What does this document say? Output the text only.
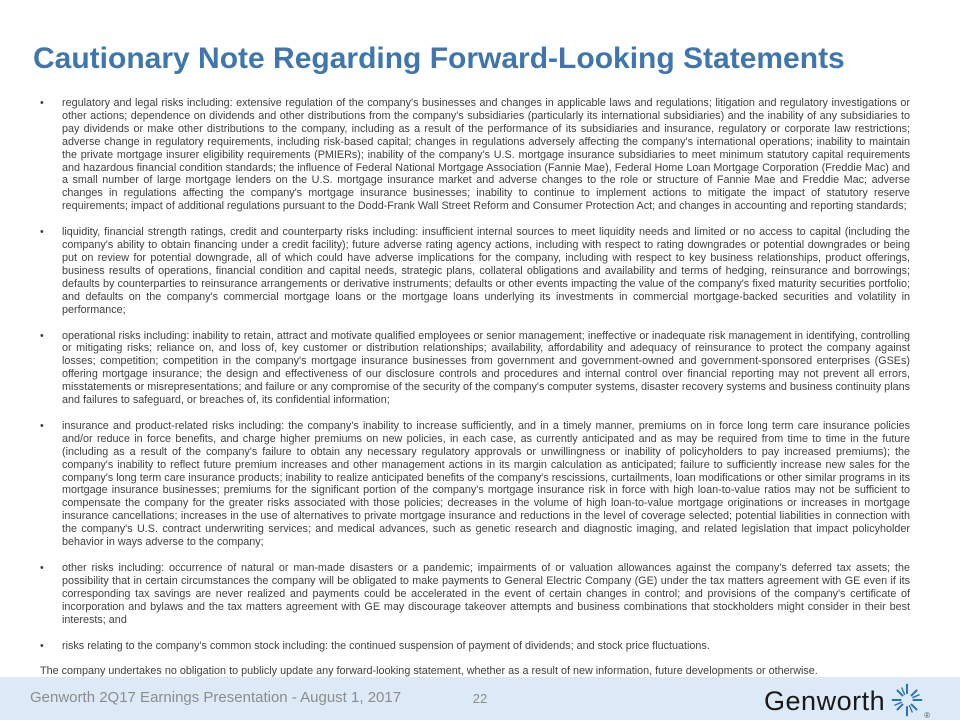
Cautionary Note Regarding Forward-Looking Statements
•	regulatory and legal risks including: extensive regulation of the company's businesses and changes in applicable laws and regulations; litigation and regulatory investigations or other actions; dependence on dividends and other distributions from the company's subsidiaries (particularly its international subsidiaries) and the inability of any subsidiaries to pay dividends or make other distributions to the company, including as a result of the performance of its subsidiaries and insurance, regulatory or corporate law restrictions; adverse change in regulatory requirements, including risk-based capital; changes in regulations adversely affecting the company's international operations; inability to maintain the private mortgage insurer eligibility requirements (PMIERs); inability of the company's U.S. mortgage insurance subsidiaries to meet minimum statutory capital requirements and hazardous financial condition standards; the influence of Federal National Mortgage Association (Fannie Mae), Federal Home Loan Mortgage Corporation (Freddie Mac) and a small number of large mortgage lenders on the U.S. mortgage insurance market and adverse changes to the role or structure of Fannie Mae and Freddie Mac; adverse changes in regulations affecting the company's mortgage insurance businesses; inability to continue to implement actions to mitigate the impact of statutory reserve requirements; impact of additional regulations pursuant to the Dodd-Frank Wall Street Reform and Consumer Protection Act; and changes in accounting and reporting standards;

•	liquidity, financial strength ratings, credit and counterparty risks including: insufficient internal sources to meet liquidity needs and limited or no access to capital (including the company's ability to obtain financing under a credit facility); future adverse rating agency actions, including with respect to rating downgrades or potential downgrades or being put on review for potential downgrade, all of which could have adverse implications for the company, including with respect to key business relationships, product offerings, business results of operations, financial condition and capital needs, strategic plans, collateral obligations and availability and terms of hedging, reinsurance and borrowings; defaults by counterparties to reinsurance arrangements or derivative instruments; defaults or other events impacting the value of the company's fixed maturity securities portfolio; and defaults on the company's commercial mortgage loans or the mortgage loans underlying its investments in commercial mortgage-backed securities and volatility in performance;

•	operational risks including: inability to retain, attract and motivate qualified employees or senior management; ineffective or inadequate risk management in identifying, controlling or mitigating risks; reliance on, and loss of, key customer or distribution relationships; availability, affordability and adequacy of reinsurance to protect the company against losses; competition; competition in the company's mortgage insurance businesses from government and government-owned and government-sponsored enterprises (GSEs) offering mortgage insurance; the design and effectiveness of our disclosure controls and procedures and internal control over financial reporting may not prevent all errors, misstatements or misrepresentations; and failure or any compromise of the security of the company's computer systems, disaster recovery systems and business continuity plans and failures to safeguard, or breaches of, its confidential information;

•	insurance and product-related risks including: the company's inability to increase sufficiently, and in a timely manner, premiums on in force long term care insurance policies and/or reduce in force benefits, and charge higher premiums on new policies, in each case, as currently anticipated and as may be required from time to time in the future (including as a result of the company's failure to obtain any necessary regulatory approvals or unwillingness or inability of policyholders to pay increased premiums); the company's inability to reflect future premium increases and other management actions in its margin calculation as anticipated; failure to sufficiently increase new sales for the company's long term care insurance products; inability to realize anticipated benefits of the company's rescissions, curtailments, loan modifications or other similar programs in its mortgage insurance businesses; premiums for the significant portion of the company's mortgage insurance risk in force with high loan-to-value ratios may not be sufficient to compensate the company for the greater risks associated with those policies; decreases in the volume of high loan-to-value mortgage originations or increases in mortgage insurance cancellations; increases in the use of alternatives to private mortgage insurance and reductions in the level of coverage selected; potential liabilities in connection with the company's U.S. contract underwriting services; and medical advances, such as genetic research and diagnostic imaging, and related legislation that impact policyholder behavior in ways adverse to the company;

•	other risks including: occurrence of natural or man-made disasters or a pandemic; impairments of or valuation allowances against the company's deferred tax assets; the possibility that in certain circumstances the company will be obligated to make payments to General Electric Company (GE) under the tax matters agreement with GE even if its corresponding tax savings are never realized and payments could be accelerated in the event of certain changes in control; and provisions of the company's certificate of incorporation and bylaws and the tax matters agreement with GE may discourage takeover attempts and business combinations that stockholders might consider in their best interests; and

•	risks relating to the company's common stock including: the continued suspension of payment of dividends; and stock price fluctuations.

The company undertakes no obligation to publicly update any forward-looking statement, whether as a result of new information, future developments or otherwise.

Genworth 2Q17 Earnings Presentation - August 1, 2017	22	Genworth	®
